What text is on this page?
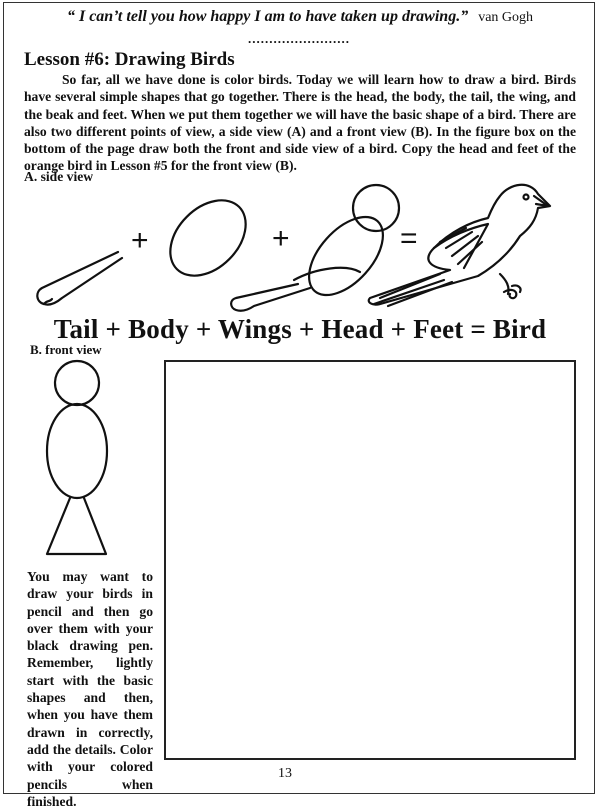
“ I can’t tell you how happy I am to have taken up drawing.” van Gogh
........................
Lesson #6: Drawing Birds

So far, all we have done is color birds. Today we will learn how to draw a bird. Birds have several simple shapes that go together. There is the head, the body, the tail, the wing, and the beak and feet. When we put them together we will have the basic shape of a bird. There are also two different points of view, a side view (A) and a front view (B). In the figure box on the bottom of the page draw both the front and side view of a bird. Copy the head and feet of the orange bird in Lesson #5 for the front view (B).

A. side view
+	+	=
Tail + Body + Wings + Head + Feet = Bird
B. front view
You may want to draw your birds in pencil and then go over them with your black drawing pen. Remember, lightly start with the basic shapes and then, when you have them drawn in correctly, add the details. Color with your colored pencils when finished.
13
